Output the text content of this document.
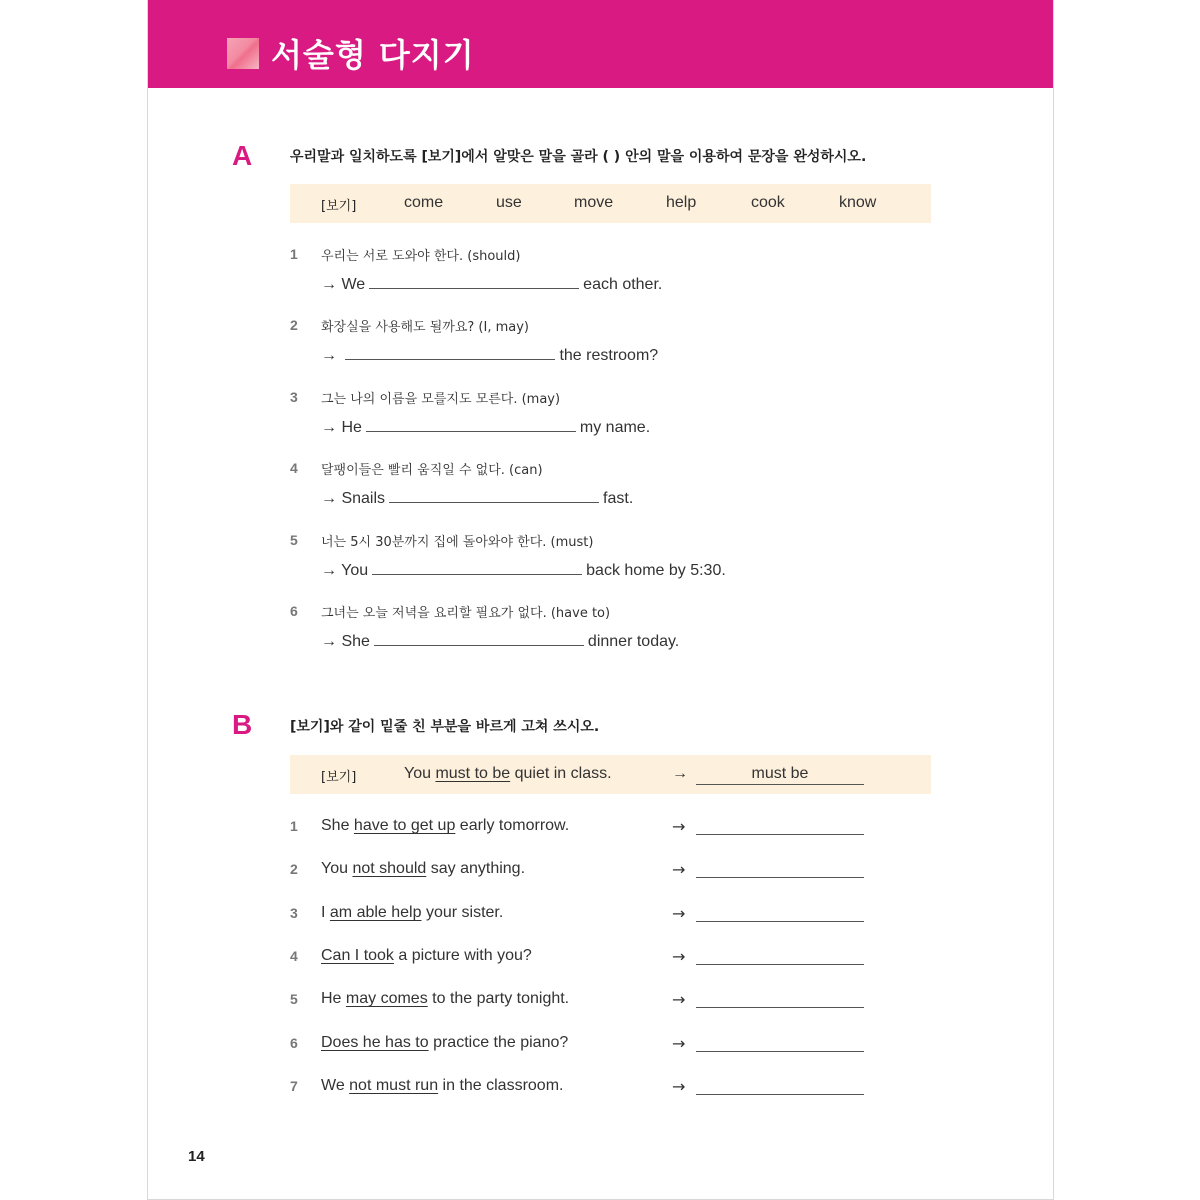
서술형 다지기
A	우리말과 일치하도록 [보기]에서 알맞은 말을 골라 ( ) 안의 말을 이용하여 문장을 완성하시오.
[보기]	come	use	move	help	cook	know
1 우리는 서로 도와야 한다. (should)
→ We	each other.
2 화장실을 사용해도 될까요? (I, may)
→	the restroom?
3 그는 나의 이름을 모를지도 모른다. (may)
→ He	my name.
4 달팽이들은 빨리 움직일 수 없다. (can)
→ Snails	fast.
5 너는 5시 30분까지 집에 돌아와야 한다. (must)
→ You	back home by 5:30.
6 그녀는 오늘 저녁을 요리할 필요가 없다. (have to)
→ She	dinner today.
B	[보기]와 같이 밑줄 친 부분을 바르게 고쳐 쓰시오.
[보기]	You must to be quiet in class.	→	must be
1 She have to get up early tomorrow.	→
2 You not should say anything.	→
3 I am able help your sister.	→
4 Can I took a picture with you?	→
5 He may comes to the party tonight.	→
6 Does he has to practice the piano?	→
7 We not must run in the classroom.	→
14
